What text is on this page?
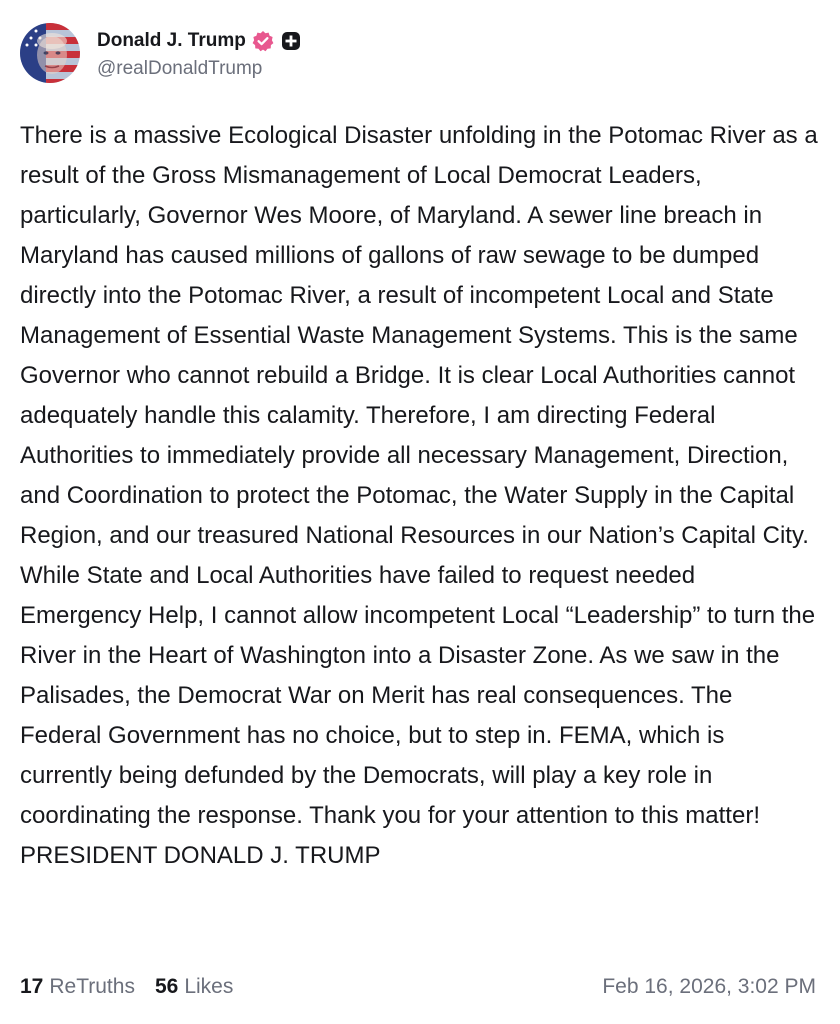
Donald J. Trump
@realDonaldTrump

There is a massive Ecological Disaster unfolding in the Potomac River as a result of the Gross Mismanagement of Local Democrat Leaders, particularly, Governor Wes Moore, of Maryland. A sewer line breach in Maryland has caused millions of gallons of raw sewage to be dumped directly into the Potomac River, a result of incompetent Local and State Management of Essential Waste Management Systems. This is the same Governor who cannot rebuild a Bridge. It is clear Local Authorities cannot adequately handle this calamity. Therefore, I am directing Federal Authorities to immediately provide all necessary Management, Direction, and Coordination to protect the Potomac, the Water Supply in the Capital Region, and our treasured National Resources in our Nation’s Capital City. While State and Local Authorities have failed to request needed Emergency Help, I cannot allow incompetent Local “Leadership” to turn the River in the Heart of Washington into a Disaster Zone. As we saw in the Palisades, the Democrat War on Merit has real consequences. The Federal Government has no choice, but to step in. FEMA, which is currently being defunded by the Democrats, will play a key role in coordinating the response. Thank you for your attention to this matter! PRESIDENT DONALD J. TRUMP

17 ReTruths 56 Likes	Feb 16, 2026, 3:02 PM
